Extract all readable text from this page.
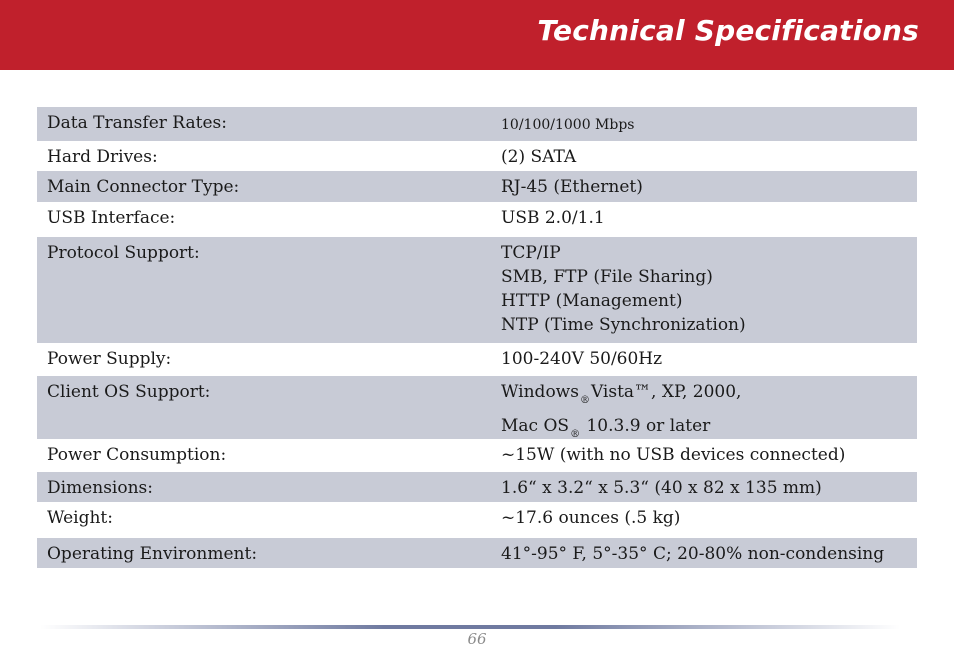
Technical Specifications
Data Transfer Rates:	10/100/1000 Mbps
Hard Drives:	(2) SATA
Main Connector Type:	RJ-45 (Ethernet)
USB Interface:	USB 2.0/1.1
Protocol Support:	TCP/IP
SMB, FTP (File Sharing)
HTTP (Management)
NTP (Time Synchronization)
Power Supply:	100-240V 50/60Hz
Client OS Support:	Windows$_®$Vista™, XP, 2000,
Mac $OS_®$ 10.3.9 or later
Power Consumption:	~15W (with no USB devices connected)
Dimensions:	1.6“ x 3.2“ x 5.3“ (40 x 82 x 135 mm)
Weight:	~17.6 ounces (.5 kg)
Operating Environment:	41°-95° F, 5°-35° C; 20-80% non-condensing
66
